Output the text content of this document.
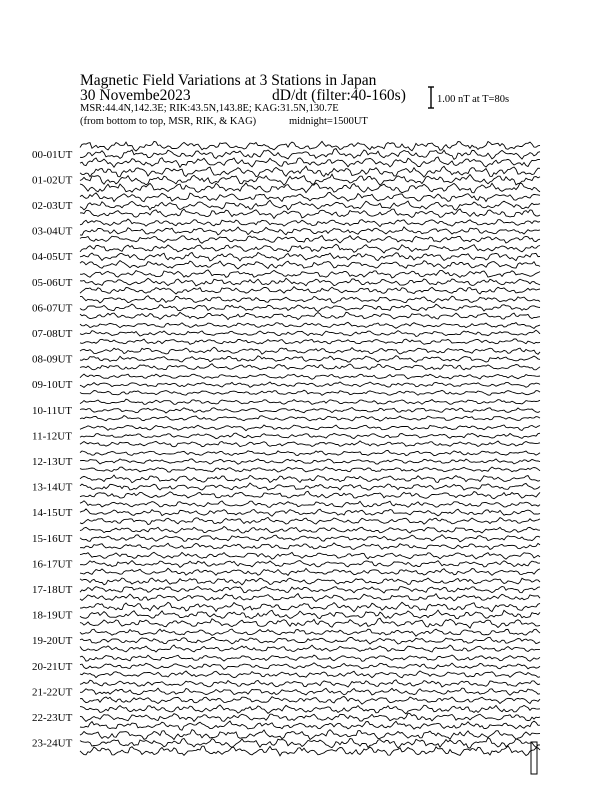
00-01UT
01-02UT
02-03UT
03-04UT
04-05UT
05-06UT
06-07UT
07-08UT
08-09UT
09-10UT
10-11UT
11-12UT
12-13UT
13-14UT
14-15UT
15-16UT
16-17UT
17-18UT
18-19UT
19-20UT
20-21UT
21-22UT
22-23UT
23-24UT
Magnetic Field Variations at 3 Stations in Japan
30 Novembe2023	dD/dt (filter:40-160s)
MSR:44.4N,142.3E; RIK:43.5N,143.8E; KAG:31.5N,130.7E
(from bottom to top, MSR, RIK, & KAG)	midnight=1500UT
1.00 nT at T=80s
